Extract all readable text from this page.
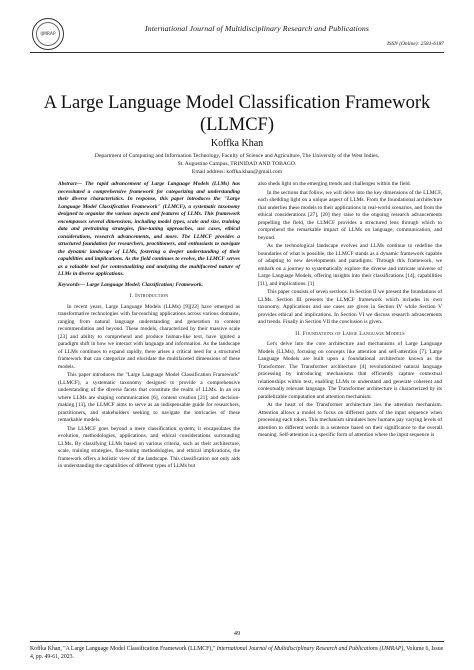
IJMRAP
International Journal of Multidisciplinary Research and Publications
ISSN (Online): 2581-6187
A Large Language Model Classification Framework
(LLMCF)
Koffka Khan
Department of Computing and Information Technology, Faculty of Science and Agriculture, The University of the West Indies,
St. Augustine Campus, TRINIDAD AND TOBAGO.
Email address: koffka.khan@gmail.com

Abstract— The rapid advancement of Large Language Models (LLMs) has necessitated a comprehensive framework for categorizing and understanding their diverse characteristics. In response, this paper introduces the "Large Language Model Classification Framework" (LLMCF), a systematic taxonomy designed to organize the various aspects and features of LLMs. This framework encompasses several dimensions, including model types, scale and size, training data and pretraining strategies, fine-tuning approaches, use cases, ethical considerations, research advancements, and more. The LLMCF provides a structured foundation for researchers, practitioners, and enthusiasts to navigate the dynamic landscape of LLMs, fostering a deeper understanding of their capabilities and implications. As the field continues to evolve, the LLMCF serves as a valuable tool for contextualizing and analyzing the multifaceted nature of LLMs in diverse applications.

Keywords— Large Language Model; Classification; Framework.

I. Introduction

In recent years, Large Language Models (LLMs) [9][22] have emerged as transformative technologies with far-reaching applications across various domains, ranging from natural language understanding and generation to content recommendation and beyond. These models, characterized by their massive scale [23] and ability to comprehend and produce human-like text, have ignited a paradigm shift in how we interact with language and information. As the landscape of LLMs continues to expand rapidly, there arises a critical need for a structured framework that can categorize and elucidate the multifaceted dimensions of these models.

This paper introduces the "Large Language Model Classification Framework" (LLMCF), a systematic taxonomy designed to provide a comprehensive understanding of the diverse facets that constitute the realm of LLMs. In an era where LLMs are shaping communication [6], content creation [21], and decision-making [13], the LLMCF aims to serve as an indispensable guide for researchers, practitioners, and stakeholders seeking to navigate the intricacies of these remarkable models.

The LLMCF goes beyond a mere classification system; it encapsulates the evolution, methodologies, applications, and ethical considerations surrounding LLMs. By classifying LLMs based on various criteria, such as their architecture, scale, training strategies, fine-tuning methodologies, and ethical implications, the framework offers a holistic view of the landscape. This classification not only aids in understanding the capabilities of different types of LLMs but

also sheds light on the emerging trends and challenges within the field.

In the sections that follow, we will delve into the key dimensions of the LLMCF, each shedding light on a unique aspect of LLMs. From the foundational architecture that underlies these models to their applications in real-world scenarios, and from the ethical considerations [27], [20] they raise to the ongoing research advancements propelling the field, the LLMCF provides a structured lens through which to comprehend the remarkable impact of LLMs on language, communication, and beyond.

As the technological landscape evolves and LLMs continue to redefine the boundaries of what is possible, the LLMCF stands as a dynamic framework capable of adapting to new developments and paradigms. Through this framework, we embark on a journey to systematically explore the diverse and intricate universe of Large Language Models, offering insights into their classifications [14], capabilities [11], and implications. [1]

This paper consists of seven sections. In Section II we present the foundations of LLMs. Section III presents the LLMCF framework which includes its own taxonomy. Applications and use cases are given in Section IV while Section V provides ethical and implications. In Section VI we discuss research advancements and trends. Finally in Section VII the conclusion is given.

II. Foundations of Large Language Models

Let's delve into the core architecture and mechanisms of Large Language Models (LLMs), focusing on concepts like attention and self-attention [7]. Large Language Models are built upon a foundational architecture known as the Transformer. The Transformer architecture [4] revolutionized natural language processing by introducing mechanisms that efficiently capture contextual relationships within text, enabling LLMs to understand and generate coherent and contextually relevant language. The Transformer architecture is characterized by its parallelizable computation and attention mechanism.

At the heart of the Transformer architecture lies the attention mechanism. Attention allows a model to focus on different parts of the input sequence when processing each token. This mechanism simulates how humans pay varying levels of attention to different words in a sentence based on their significance to the overall meaning. Self-attention is a specific form of attention where the input sequence is

49
Koffka Khan, "A Large Language Model Classification Framework (LLMCF)," International Journal of Multidisciplinary Research and Publications (IJMRAP), Volume 6, Issue 4, pp. 49-61, 2023.
